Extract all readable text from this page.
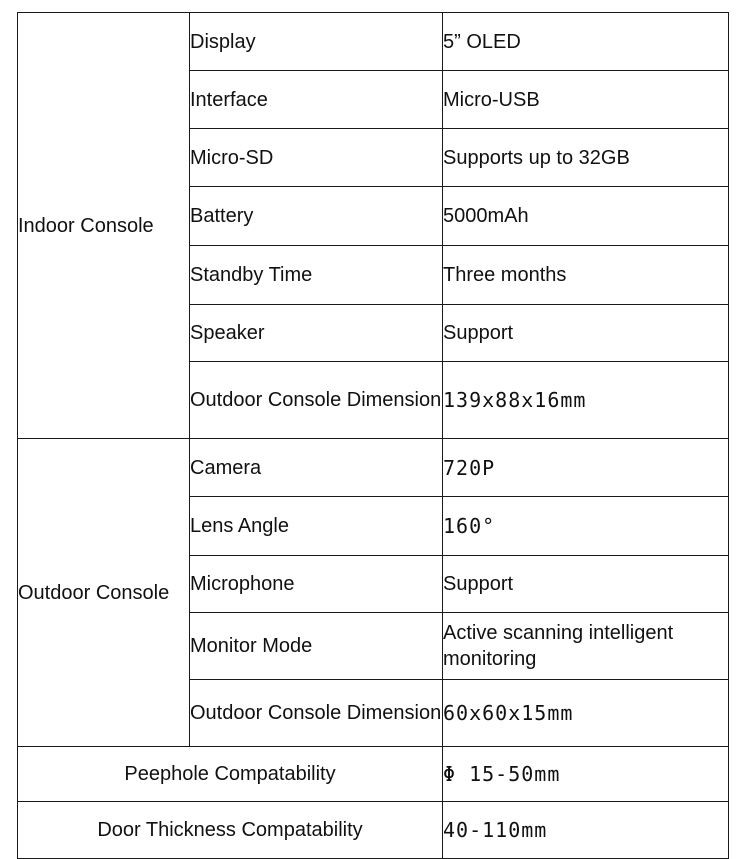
Indoor Console	Display	5” OLED
	Interface	Micro-USB
	Micro-SD	Supports up to 32GB
	Battery	5000mAh
	Standby Time	Three months
	Speaker	Support
	Outdoor Console Dimension	139x88x16mm
Outdoor Console	Camera	720P
	Lens Angle	160°
	Microphone	Support
	Monitor Mode	Active scanning intelligent monitoring
	Outdoor Console Dimension	60x60x15mm
Peephole Compatability		Φ 15-50mm
Door Thickness Compatability		40-110mm
